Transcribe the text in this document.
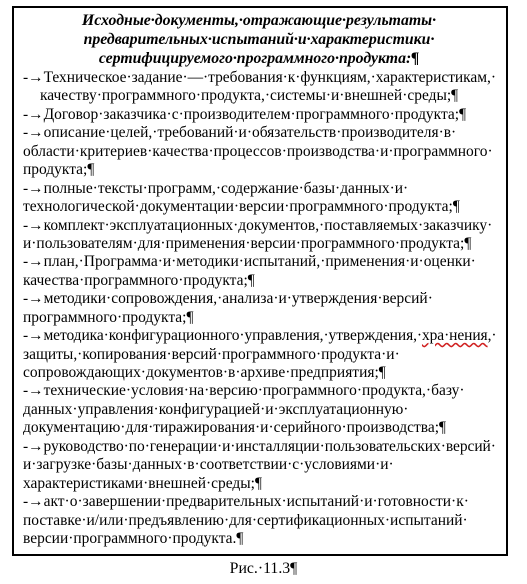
Исходные·документы,·отражающие·результаты·
предварительных·испытаний·и·характеристики·
сертифицируемого·программного·продукта:¶
-→Техническое·задание·—·требования·к·функциям,·характеристикам,·
качеству·программного·продукта,·системы·и·внешней·среды;¶
-→Договор·заказчика·с·производителем·программного·продукта;¶
-→описание·целей,·требований·и·обязательств·производителя·в·
области·критериев·качества·процессов·производства·и·программного·
продукта;¶
-→полные·тексты·программ,·содержание·базы·данных·и·
технологической·документации·версии·программного·продукта;¶
-→комплект·эксплуатационных·документов,·поставляемых·заказчику·
и·пользователям·для·применения·версии·программного·продукта;¶
-→план,·Программа·и·методики·испытаний,·применения·и·оценки·
качества·программного·продукта;¶
-→методики·сопровождения,·анализа·и·утверждения·версий·
программного·продукта;¶
-→методика·конфигурационного·управления,·утверждения,·хра·нения,·
защиты,·копирования·версий·программного·продукта·и·
сопровождающих·документов·в·архиве·предприятия;¶
-→технические·условия·на·версию·программного·продукта,·базу·
данных·управления·конфигурацией·и·эксплуатационную·
документацию·для·тиражирования·и·серийного·производства;¶
-→руководство·по·генерации·и·инсталляции·пользовательских·версий·
и·загрузке·базы·данных·в·соответствии·с·условиями·и·
характеристиками·внешней·среды;¶
-→акт·о·завершении·предварительных·испытаний·и·готовности·к·
поставке·и/или·предъявлению·для·сертификационных·испытаний·
версии·программного·продукта.¶
Рис.·11.3¶
